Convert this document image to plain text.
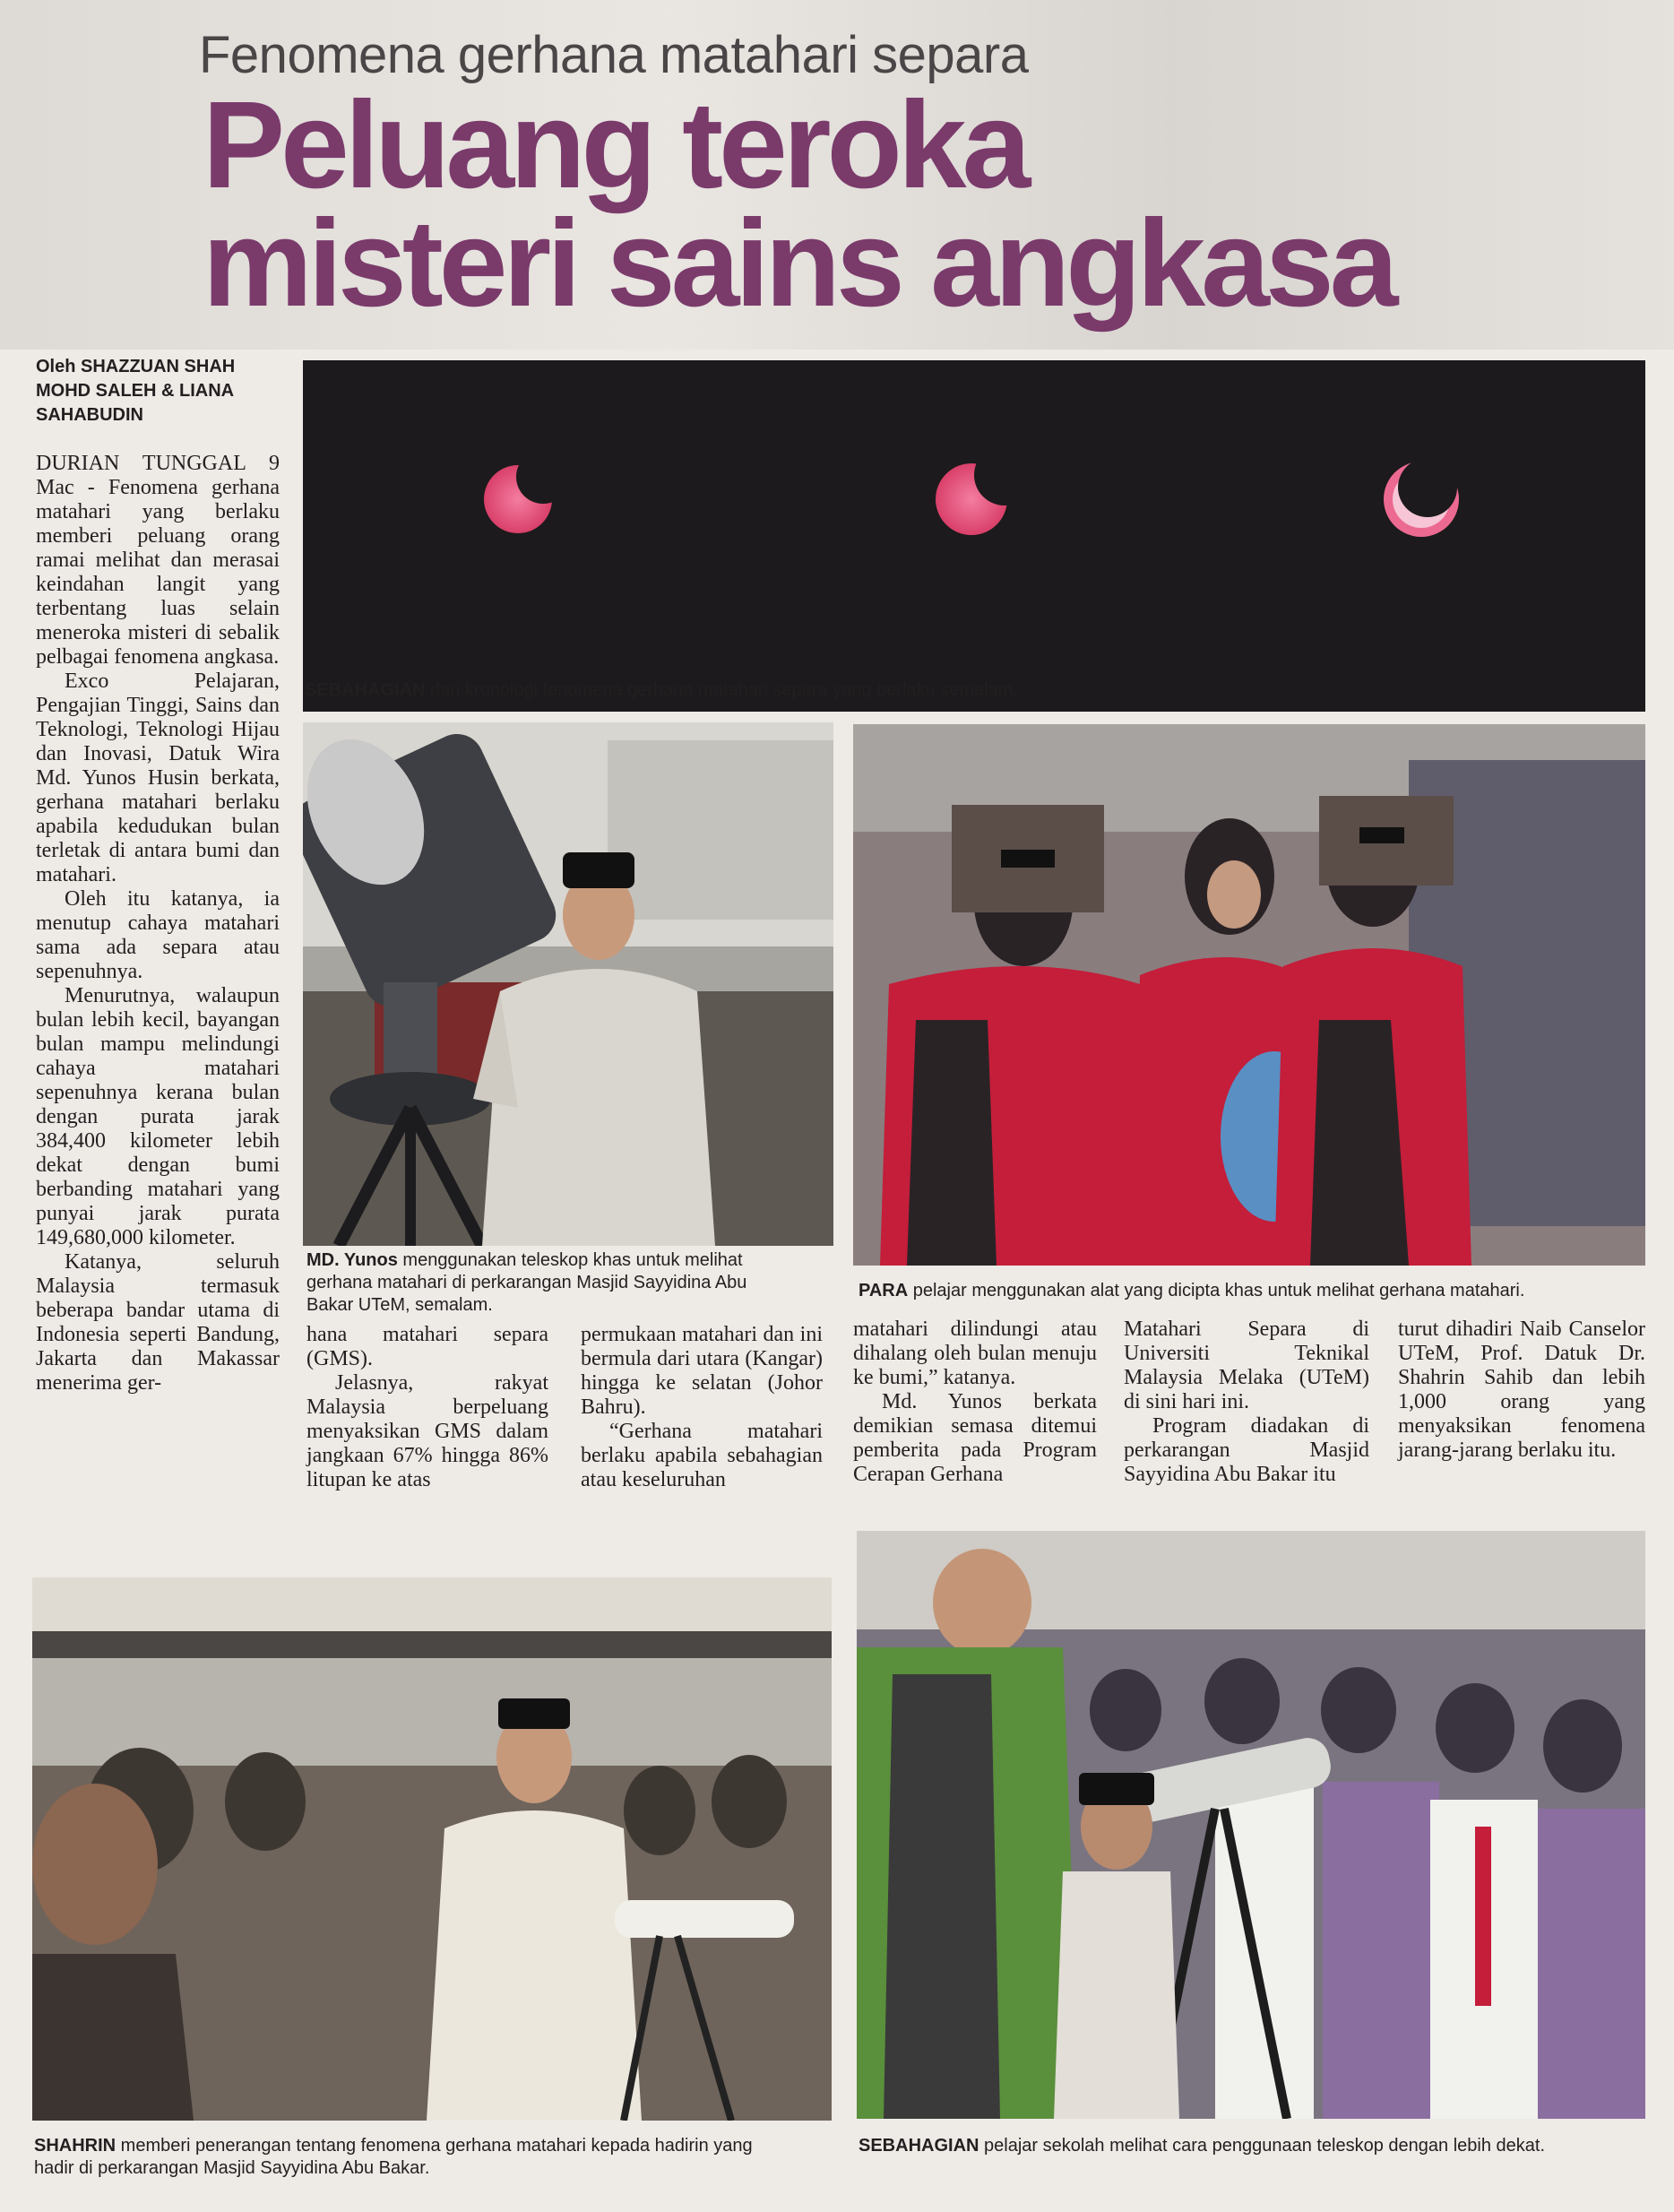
Fenomena gerhana matahari separa
Peluang teroka
misteri sains angkasa
Oleh SHAZZUAN SHAH
MOHD SALEH & LIANA
SAHABUDIN
SEBAHAGIAN dari kronologi fenomena gerhana matahari separa yang berlaku semalam.

DURIAN TUNGGAL 9 Mac - Fenomena gerhana matahari yang berlaku memberi peluang orang ramai melihat dan merasai keindahan langit yang terbentang luas selain meneroka misteri di sebalik pelbagai fenomena angkasa.

Exco Pelajaran, Pengajian Tinggi, Sains dan Teknologi, Teknologi Hijau dan Inovasi, Datuk Wira Md. Yunos Husin berkata, gerhana matahari berlaku apabila kedudukan bulan terletak di antara bumi dan matahari.

Oleh itu katanya, ia menutup cahaya matahari sama ada separa atau sepenuhnya.

Menurutnya, walaupun bulan lebih kecil, bayangan bulan mampu melindungi cahaya matahari sepenuhnya kerana bulan dengan purata jarak 384,400 kilometer lebih dekat dengan bumi berbanding matahari yang punyai jarak purata 149,680,000 kilometer.

Katanya, seluruh Malaysia termasuk beberapa bandar utama di Indonesia seperti Bandung, Jakarta dan Makassar menerima ger-

MD. Yunos menggunakan teleskop khas untuk melihat gerhana matahari di perkarangan Masjid Sayyidina Abu Bakar UTeM, semalam.
PARA pelajar menggunakan alat yang dicipta khas untuk melihat gerhana matahari.

hana matahari separa (GMS).

Jelasnya, rakyat Malaysia berpeluang menyaksikan GMS dalam jangkaan 67% hingga 86% litupan ke atas

permukaan matahari dan ini bermula dari utara (Kangar) hingga ke selatan (Johor Bahru).

“Gerhana matahari berlaku apabila sebahagian atau keseluruhan

matahari dilindungi atau dihalang oleh bulan menuju ke bumi,” katanya.

Md. Yunos berkata demikian semasa ditemui pemberita pada Program Cerapan Gerhana

Matahari Separa di Universiti Teknikal Malaysia Melaka (UTeM) di sini hari ini.

Program diadakan di perkarangan Masjid Sayyidina Abu Bakar itu

turut dihadiri Naib Canselor UTeM, Prof. Datuk Dr. Shahrin Sahib dan lebih 1,000 orang yang menyaksikan fenomena jarang-jarang berlaku itu.

SHAHRIN memberi penerangan tentang fenomena gerhana matahari kepada hadirin yang hadir di perkarangan Masjid Sayyidina Abu Bakar.
SEBAHAGIAN pelajar sekolah melihat cara penggunaan teleskop dengan lebih dekat.
